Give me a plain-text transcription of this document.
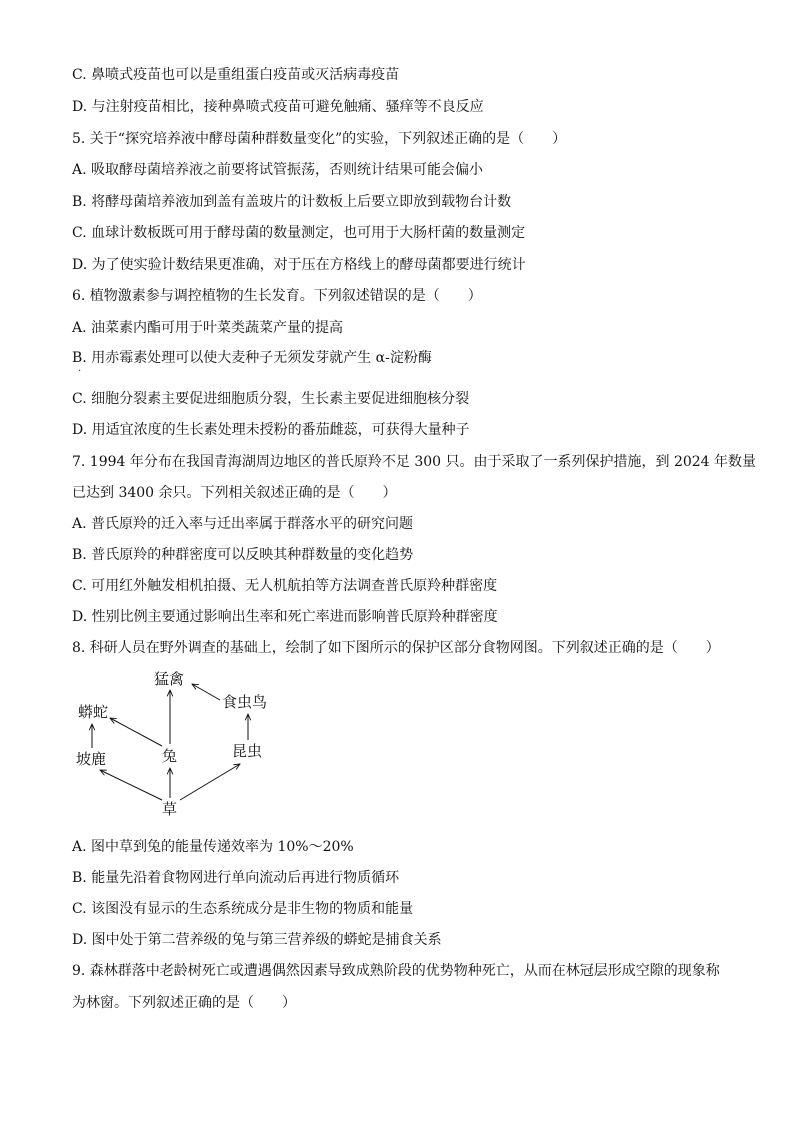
C. 鼻喷式疫苗也可以是重组蛋白疫苗或灭活病毒疫苗
D. 与注射疫苗相比，接种鼻喷式疫苗可避免触痛、骚痒等不良反应
5. 关于“探究培养液中酵母菌种群数量变化”的实验，下列叙述正确的是（　　）
A. 吸取酵母菌培养液之前要将试管振荡，否则统计结果可能会偏小
B. 将酵母菌培养液加到盖有盖玻片的计数板上后要立即放到载物台计数
C. 血球计数板既可用于酵母菌的数量测定，也可用于大肠杆菌的数量测定
D. 为了使实验计数结果更准确，对于压在方格线上的酵母菌都要进行统计
6. 植物激素参与调控植物的生长发育。下列叙述错误的是（　　）
A. 油菜素内酯可用于叶菜类蔬菜产量的提高
B. 用赤霉素处理可以使大麦种子无须发芽就产生 α-淀粉酶
·
C. 细胞分裂素主要促进细胞质分裂，生长素主要促进细胞核分裂
D. 用适宜浓度的生长素处理未授粉的番茄雌蕊，可获得大量种子
7. 1994 年分布在我国青海湖周边地区的普氏原羚不足 300 只。由于采取了一系列保护措施，到 2024 年数量
已达到 3400 余只。下列相关叙述正确的是（　　）
A. 普氏原羚的迁入率与迁出率属于群落水平的研究问题
B. 普氏原羚的种群密度可以反映其种群数量的变化趋势
C. 可用红外触发相机拍摄、无人机航拍等方法调查普氏原羚种群密度
D. 性别比例主要通过影响出生率和死亡率进而影响普氏原羚种群密度
8. 科研人员在野外调查的基础上，绘制了如下图所示的保护区部分食物网图。下列叙述正确的是（　　）
猛禽
食虫鸟
蟒蛇
兔	昆虫
坡鹿
草
A. 图中草到兔的能量传递效率为 10%～20%
B. 能量先沿着食物网进行单向流动后再进行物质循环
C. 该图没有显示的生态系统成分是非生物的物质和能量
D. 图中处于第二营养级的兔与第三营养级的蟒蛇是捕食关系
9. 森林群落中老龄树死亡或遭遇偶然因素导致成熟阶段的优势物种死亡，从而在林冠层形成空隙的现象称
为林窗。下列叙述正确的是（　　）
